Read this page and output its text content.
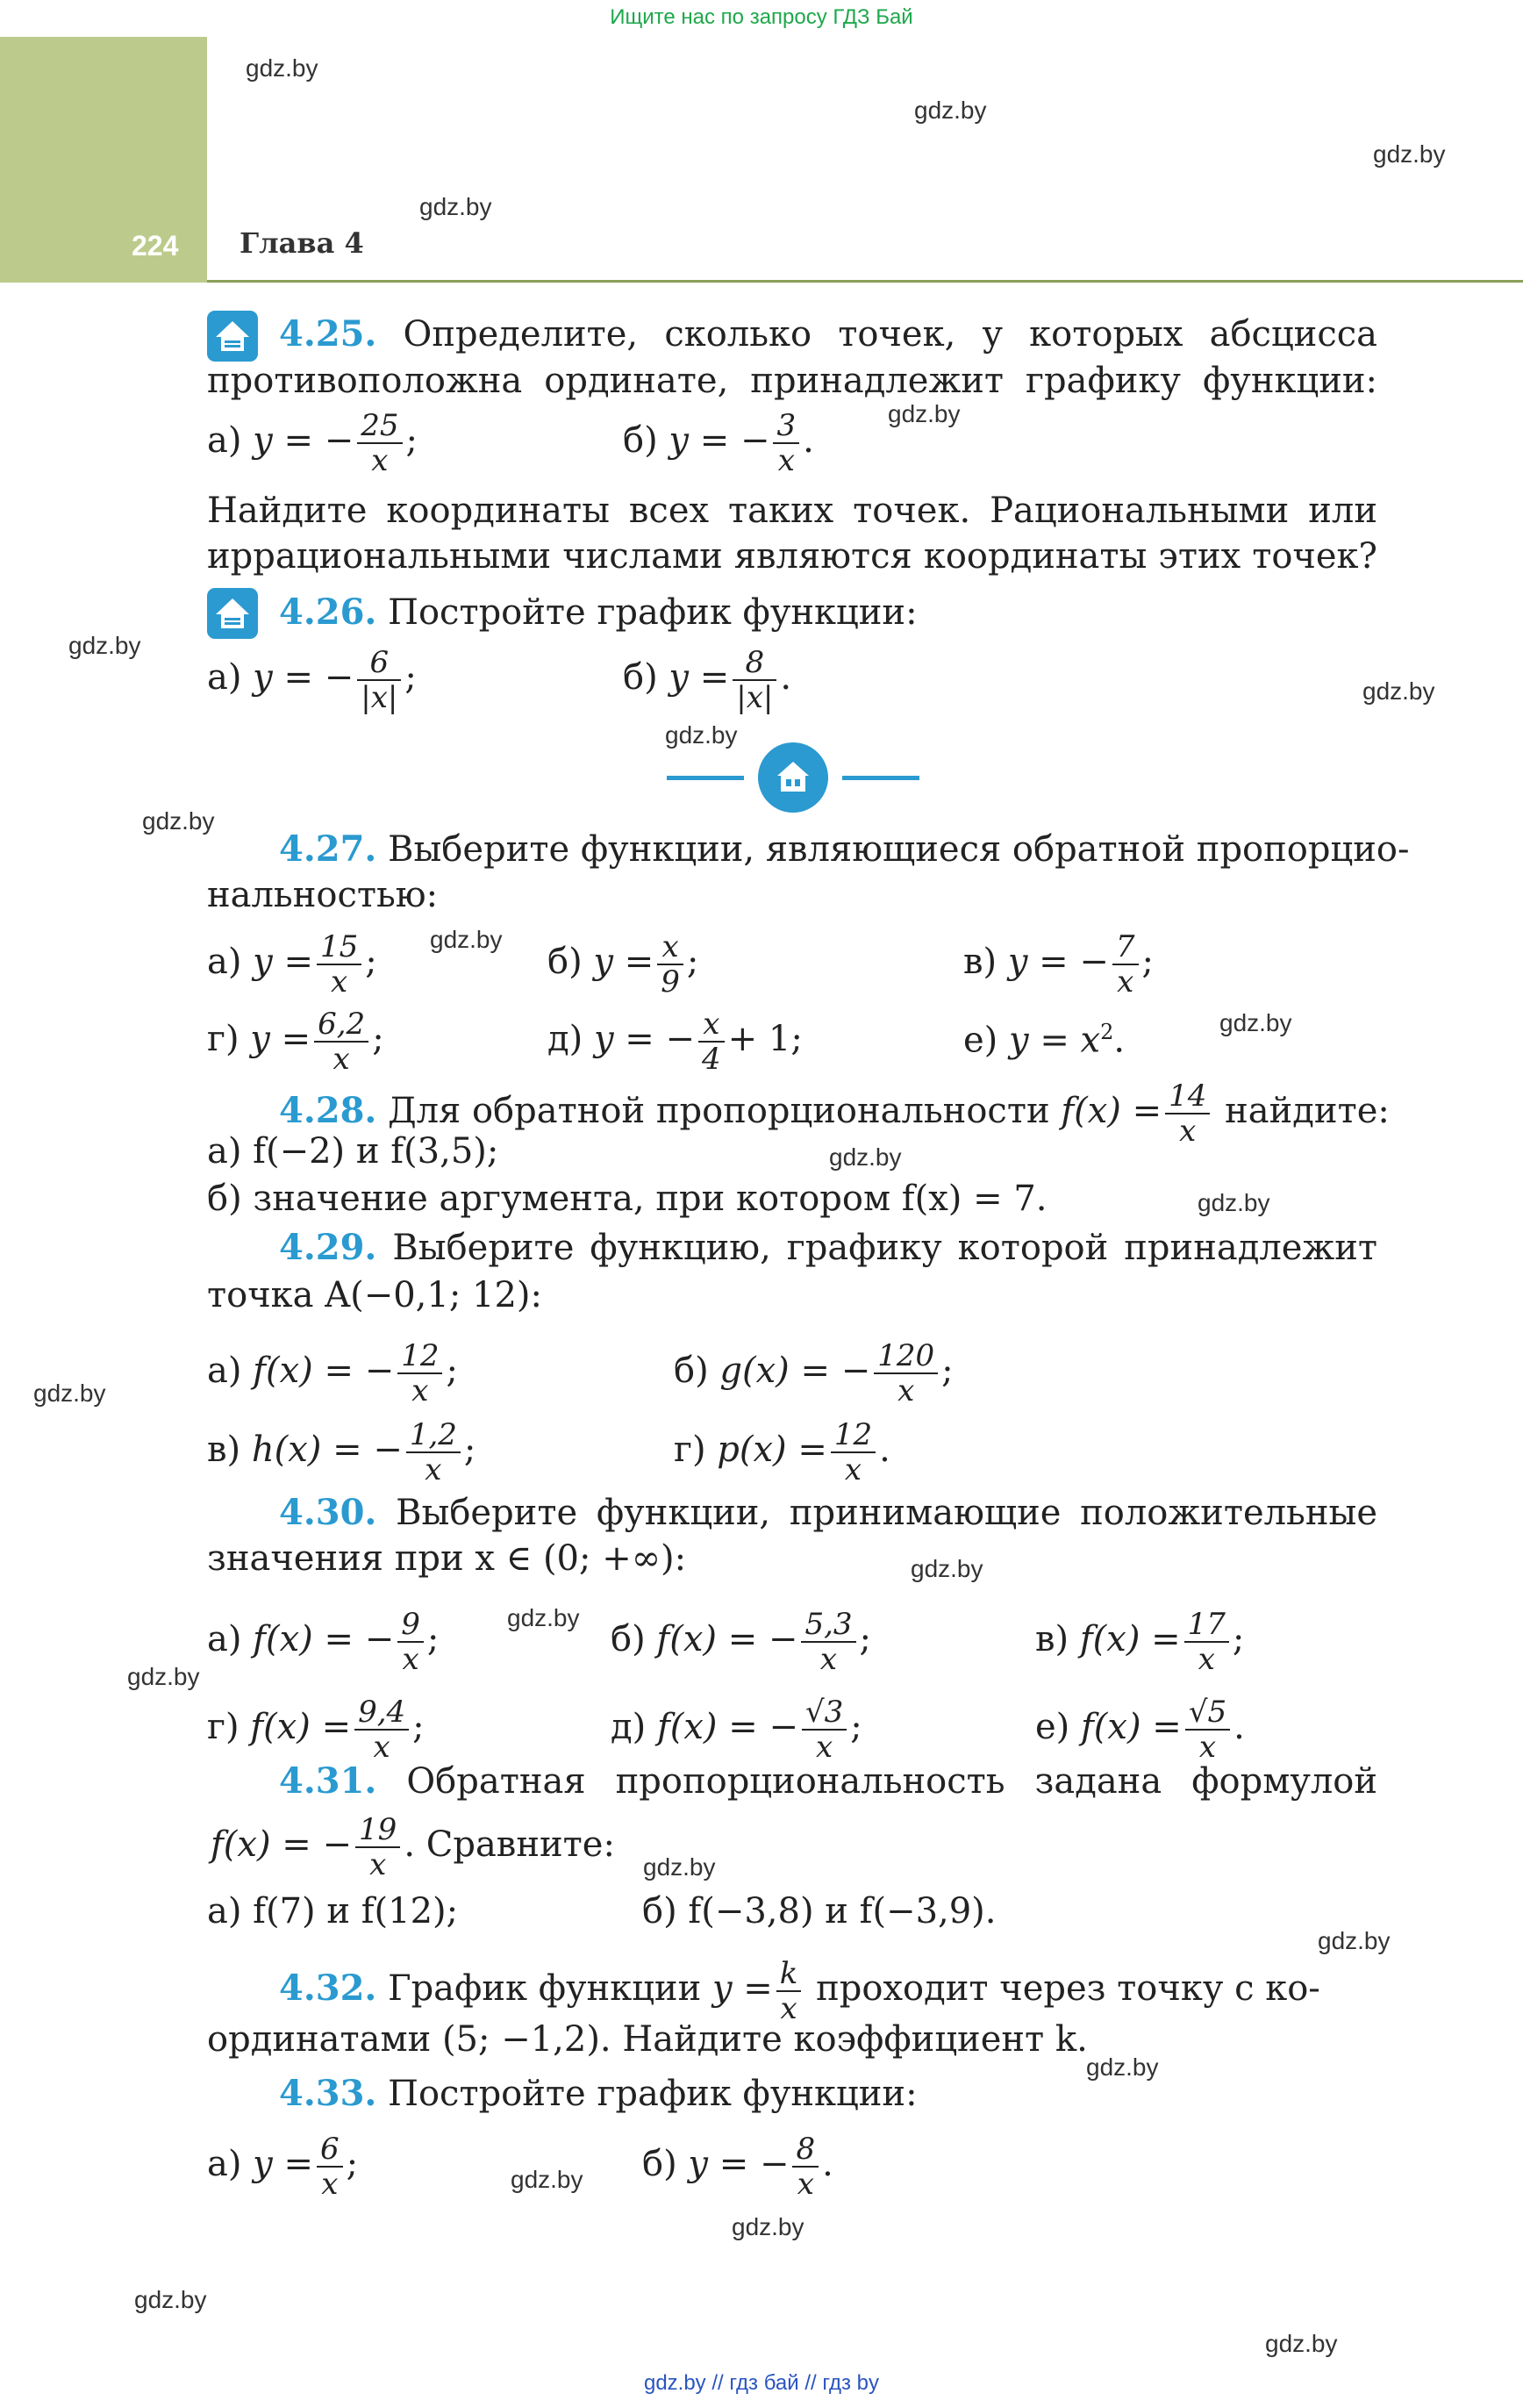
Ищите нас по запросу ГДЗ Бай
224 Глава 4
gdz.by
gdz.by
gdz.by
gdz.by
gdz.by
gdz.by
gdz.by
gdz.by
gdz.by
gdz.by
gdz.by
gdz.by
gdz.by
gdz.by
gdz.by
gdz.by
gdz.by
gdz.by
gdz.by
gdz.by
gdz.by
gdz.by
gdz.by
gdz.by
4.25. Определите, сколько точек, у которых абсцисса
противоположна ординате, принадлежит графику функции:
а) y = − $\frac{25}{x}$ ;	б) y = − $\frac{3}{x}$ .
Найдите координаты всех таких точек. Рациональными или
иррациональными числами являются координаты этих точек?
4.26. Постройте график функции:
а) y = − $\frac{6}{|x|}$ ;	б) $y = \frac{8}{|x|}$ .
4.27. Выберите функции, являющиеся обратной пропорцио-
нальностью:
а) $y = \frac{15}{x}$ ;	б) $y = \frac{x}{9}$ ;	в) y = − $\frac{7}{x}$ ;
г) $y = \frac{6,2}{x}$ ;	д) y = − $\frac{x}{4} + 1$;	е) $y = x^2$.
4.28. Для обратной пропорциональности $f(x) = \frac{14}{x}$ найдите:
а) f(−2) и f(3,5);
б) значение аргумента, при котором f(x) = 7.
4.29. Выберите функцию, графику которой принадлежит
точка A(−0,1; 12):
а) f(x) = − $\frac{12}{x}$ ;	б) g(x) = − $\frac{120}{x}$ ;
в) h(x) = − $\frac{1,2}{x}$ ;	г) $p(x) = \frac{12}{x}$ .
4.30. Выберите функции, принимающие положительные
значения при x ∈ (0; +∞):
а) f(x) = − $\frac{9}{x}$ ;	б) f(x) = − $\frac{5,3}{x}$ ;	в) $f(x) = \frac{17}{x}$ ;
г) $f(x) = \frac{9,4}{x}$ ;	д) f(x) = − $\frac{√3}{x}$ ;	е) $f(x) = \frac{√5}{x}$ .
4.31. Обратная пропорциональность задана формулой
f(x) = − $\frac{19}{x}$ . Сравните:
а) f(7) и f(12);	б) f(−3,8) и f(−3,9).
4.32. График функции $y = \frac{k}{x}$ проходит через точку с ко-
ординатами (5; −1,2). Найдите коэффициент k.
4.33. Постройте график функции:
а) $y = \frac{6}{x}$ ;	б) y = − $\frac{8}{x}$ .
gdz.by // гдз бай // гдз by
